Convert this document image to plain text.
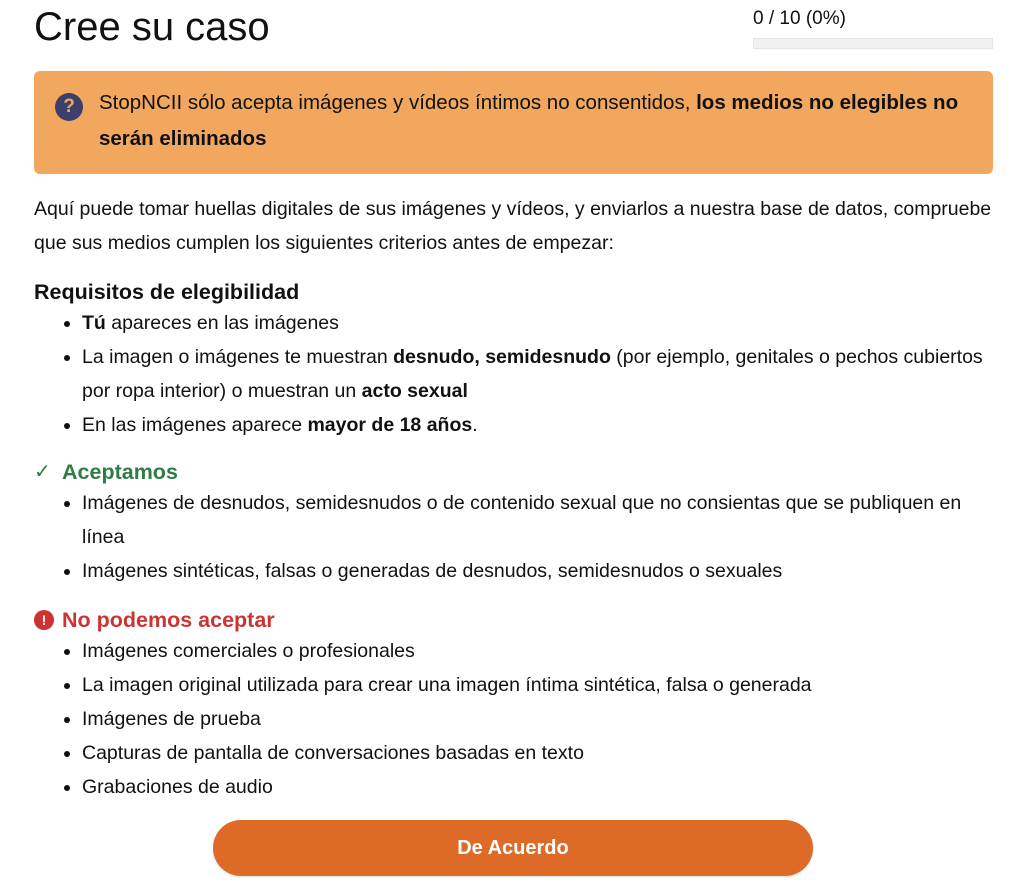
Cree su caso	0 / 10 (0%)
?	StopNCII sólo acepta imágenes y vídeos íntimos no consentidos, los medios no elegibles no serán eliminados

Aquí puede tomar huellas digitales de sus imágenes y vídeos, y enviarlos a nuestra base de datos, compruebe que sus medios cumplen los siguientes criterios antes de empezar:

Requisitos de elegibilidad
• Tú apareces en las imágenes
• La imagen o imágenes te muestran desnudo, semidesnudo (por ejemplo, genitales o pechos cubiertos por ropa interior) o muestran un acto sexual
• En las imágenes aparece mayor de 18 años.
✓ Aceptamos
• Imágenes de desnudos, semidesnudos o de contenido sexual que no consientas que se publiquen en línea
• Imágenes sintéticas, falsas o generadas de desnudos, semidesnudos o sexuales
! No podemos aceptar
• Imágenes comerciales o profesionales
• La imagen original utilizada para crear una imagen íntima sintética, falsa o generada
• Imágenes de prueba
• Capturas de pantalla de conversaciones basadas en texto
• Grabaciones de audio
De Acuerdo
